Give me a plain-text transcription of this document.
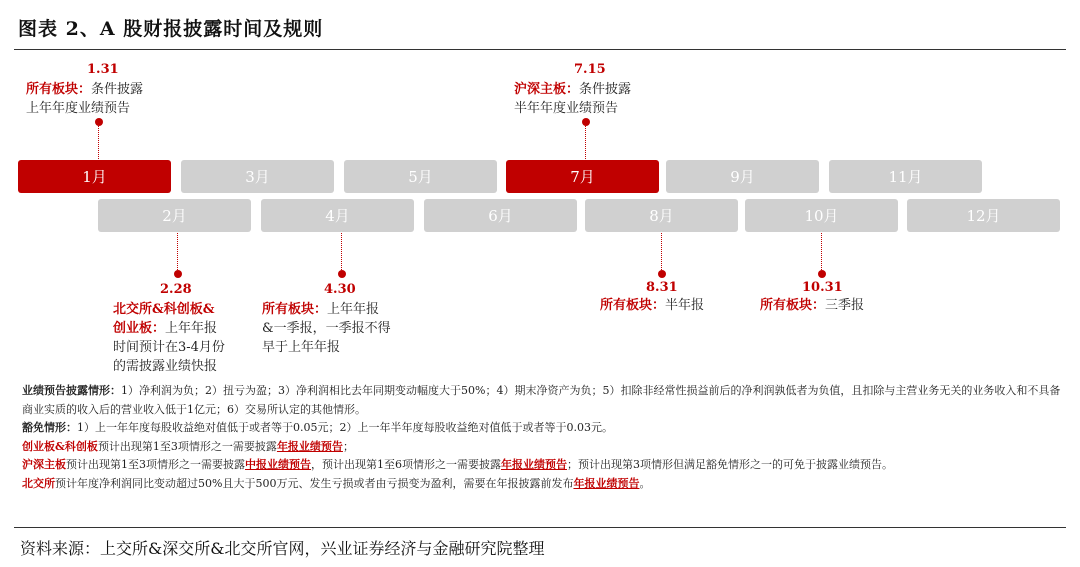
图表 2、A 股财报披露时间及规则
1月	3月	5月	7月	9月	11月
2月	4月	6月	8月	10月	12月
1.31
所有板块：条件披露
上年年度业绩预告
7.15
沪深主板：条件披露
半年年度业绩预告
2.28
北交所&科创板&
创业板：上年年报
时间预计在3-4月份
的需披露业绩快报
4.30
所有板块：上年年报
&一季报，一季报不得
早于上年年报
8.31
所有板块：半年报
10.31
所有板块：三季报
业绩预告披露情形：1）净利润为负；2）扭亏为盈；3）净利润相比去年同期变动幅度大于50%；4）期末净资产为负；5）扣除非经常性损益前后的净利润孰低者为负值，且扣除与主营业务无关的业务收入和不具备商业实质的收入后的营业收入低于1亿元；6）交易所认定的其他情形。
豁免情形：1）上一年年度每股收益绝对值低于或者等于0.05元；2）上一年半年度每股收益绝对值低于或者等于0.03元。
创业板&科创板预计出现第1至3项情形之一需要披露年报业绩预告；
沪深主板预计出现第1至3项情形之一需要披露中报业绩预告，预计出现第1至6项情形之一需要披露年报业绩预告；预计出现第3项情形但满足豁免情形之一的可免于披露业绩预告。
北交所预计年度净利润同比变动超过50%且大于500万元、发生亏损或者由亏损变为盈利，需要在年报披露前发布年报业绩预告。
资料来源：上交所&深交所&北交所官网，兴业证券经济与金融研究院整理
